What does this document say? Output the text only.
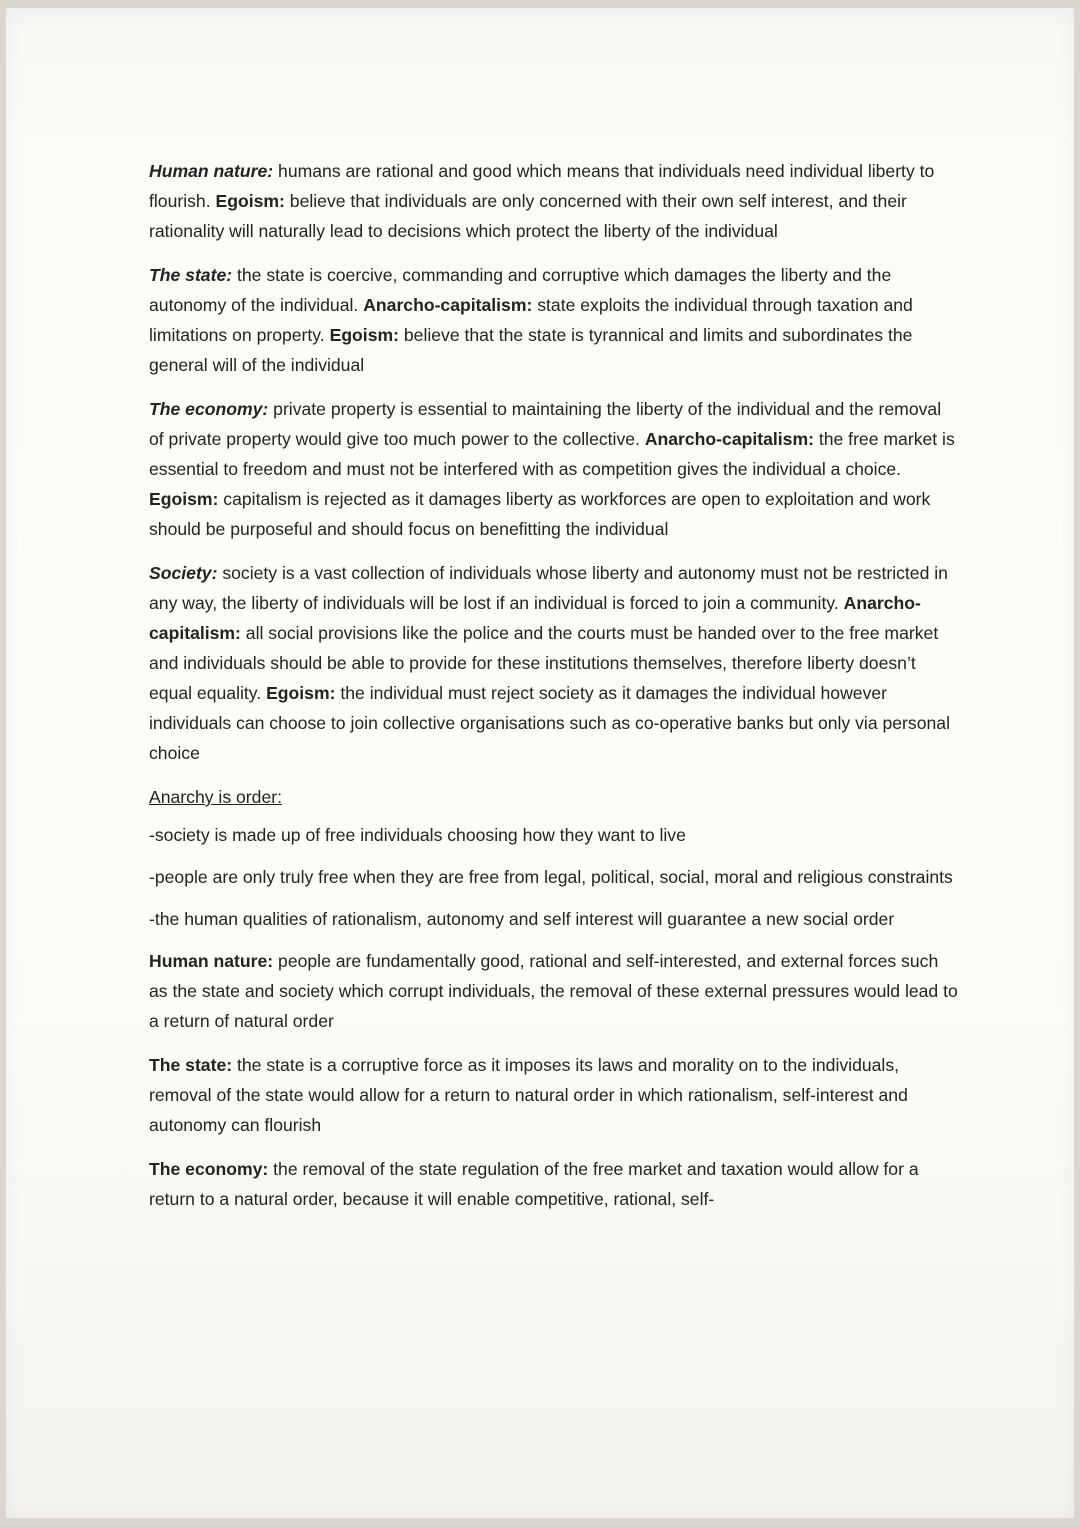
Human nature: humans are rational and good which means that individuals need individual liberty to flourish. Egoism: believe that individuals are only concerned with their own self interest, and their rationality will naturally lead to decisions which protect the liberty of the individual

The state: the state is coercive, commanding and corruptive which damages the liberty and the autonomy of the individual. Anarcho-capitalism: state exploits the individual through taxation and limitations on property. Egoism: believe that the state is tyrannical and limits and subordinates the general will of the individual

The economy: private property is essential to maintaining the liberty of the individual and the removal of private property would give too much power to the collective. Anarcho-capitalism: the free market is essential to freedom and must not be interfered with as competition gives the individual a choice. Egoism: capitalism is rejected as it damages liberty as workforces are open to exploitation and work should be purposeful and should focus on benefitting the individual

Society: society is a vast collection of individuals whose liberty and autonomy must not be restricted in any way, the liberty of individuals will be lost if an individual is forced to join a community. Anarcho-capitalism: all social provisions like the police and the courts must be handed over to the free market and individuals should be able to provide for these institutions themselves, therefore liberty doesn’t equal equality. Egoism: the individual must reject society as it damages the individual however individuals can choose to join collective organisations such as co-operative banks but only via personal choice

Anarchy is order:

-society is made up of free individuals choosing how they want to live

-people are only truly free when they are free from legal, political, social, moral and religious constraints

-the human qualities of rationalism, autonomy and self interest will guarantee a new social order

Human nature: people are fundamentally good, rational and self-interested, and external forces such as the state and society which corrupt individuals, the removal of these external pressures would lead to a return of natural order

The state: the state is a corruptive force as it imposes its laws and morality on to the individuals, removal of the state would allow for a return to natural order in which rationalism, self-interest and autonomy can flourish

The economy: the removal of the state regulation of the free market and taxation would allow for a return to a natural order, because it will enable competitive, rational, self-
